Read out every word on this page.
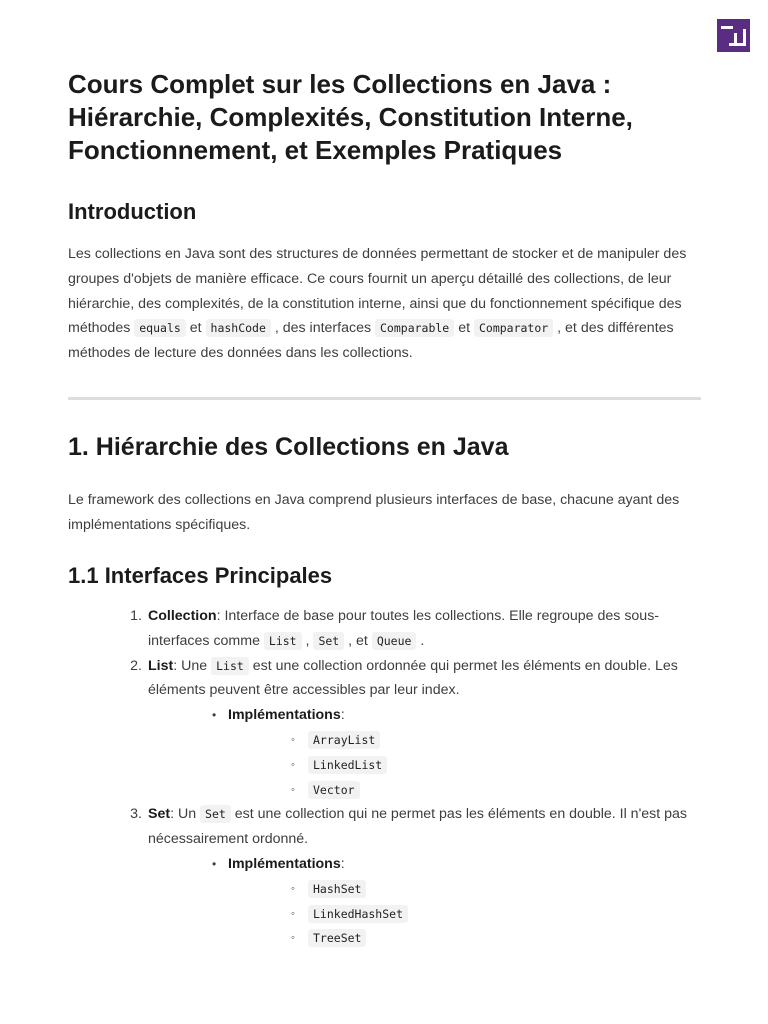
Cours Complet sur les Collections en Java : Hiérarchie, Complexités, Constitution Interne, Fonctionnement, et Exemples Pratiques
Introduction

Les collections en Java sont des structures de données permettant de stocker et de manipuler des groupes d'objets de manière efficace. Ce cours fournit un aperçu détaillé des collections, de leur hiérarchie, des complexités, de la constitution interne, ainsi que du fonctionnement spécifique des méthodes equals et hashCode , des interfaces Comparable et Comparator , et des différentes méthodes de lecture des données dans les collections.

1. Hiérarchie des Collections en Java

Le framework des collections en Java comprend plusieurs interfaces de base, chacune ayant des implémentations spécifiques.

1.1 Interfaces Principales
1. Collection: Interface de base pour toutes les collections. Elle regroupe des sous-interfaces comme List , Set , et Queue .
2. List: Une List est une collection ordonnée qui permet les éléments en double. Les éléments peuvent être accessibles par leur index.
• Implémentations:
◦ ArrayList
◦ LinkedList
◦ Vector
3. Set: Un Set est une collection qui ne permet pas les éléments en double. Il n'est pas nécessairement ordonné.
• Implémentations:
◦ HashSet
◦ LinkedHashSet
◦ TreeSet
